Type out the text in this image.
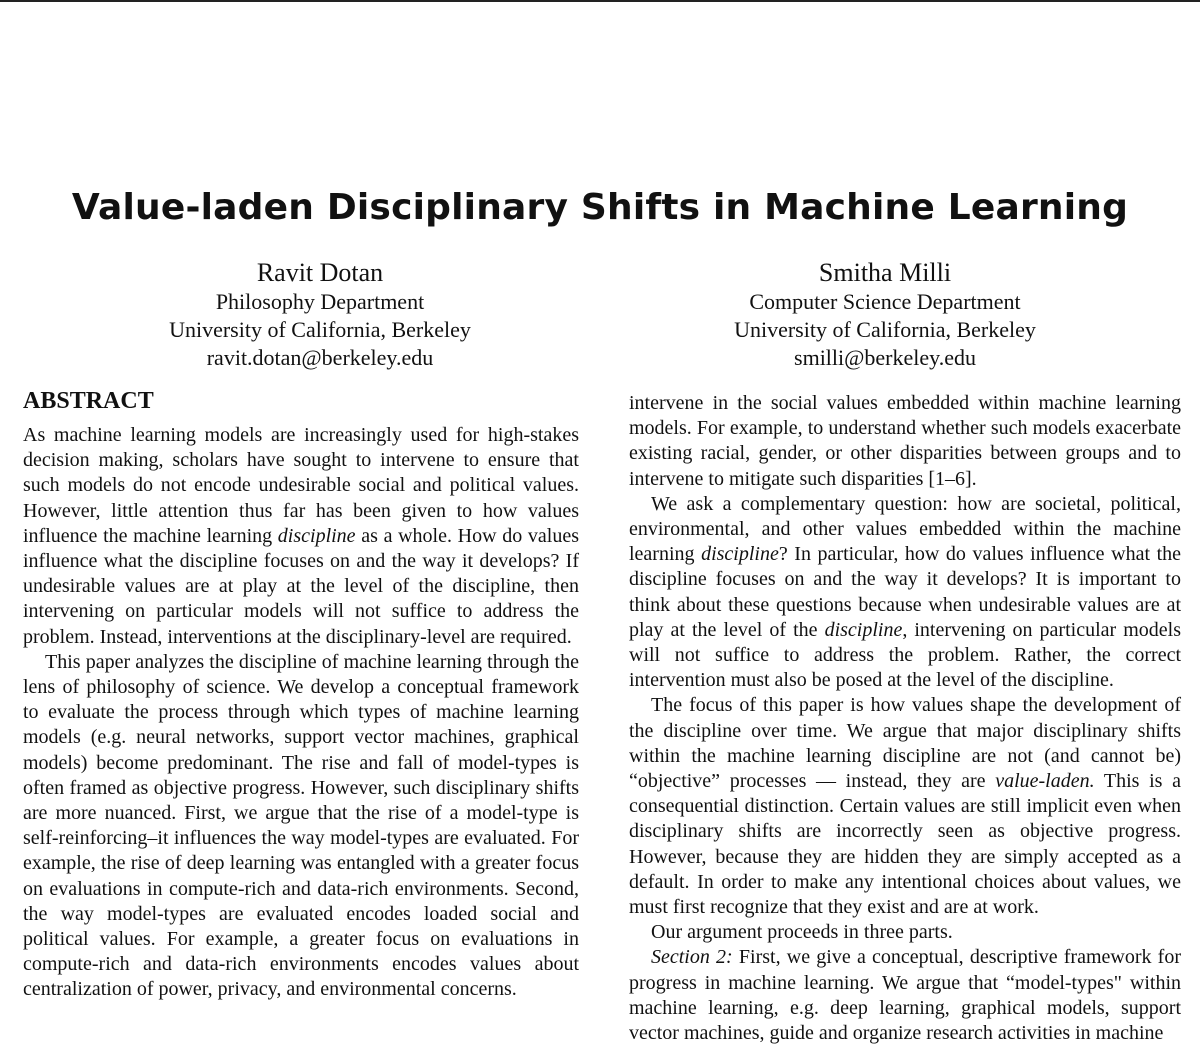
Value-laden Disciplinary Shifts in Machine Learning
Ravit Dotan
Philosophy Department
University of California, Berkeley
ravit.dotan@berkeley.edu
Smitha Milli
Computer Science Department
University of California, Berkeley
smilli@berkeley.edu
ABSTRACT

As machine learning models are increasingly used for high-stakes decision making, scholars have sought to intervene to ensure that such models do not encode undesirable social and political values. However, little attention thus far has been given to how values influence the machine learning discipline as a whole. How do values influence what the discipline focuses on and the way it develops? If undesirable values are at play at the level of the discipline, then intervening on particular models will not suffice to address the problem. Instead, interventions at the disciplinary-level are required.

This paper analyzes the discipline of machine learning through the lens of philosophy of science. We develop a conceptual framework to evaluate the process through which types of machine learning models (e.g. neural networks, support vector machines, graphical models) become predominant. The rise and fall of model-types is often framed as objective progress. However, such disciplinary shifts are more nuanced. First, we argue that the rise of a model-type is self-reinforcing–it influences the way model-types are evaluated. For example, the rise of deep learning was entangled with a greater focus on evaluations in compute-rich and data-rich environments. Second, the way model-types are evaluated encodes loaded social and political values. For example, a greater focus on evaluations in compute-rich and data-rich environments encodes values about centralization of power, privacy, and environmental concerns.

intervene in the social values embedded within machine learning models. For example, to understand whether such models exacerbate existing racial, gender, or other disparities between groups and to intervene to mitigate such disparities [1–6].

We ask a complementary question: how are societal, political, environmental, and other values embedded within the machine learning discipline? In particular, how do values influence what the discipline focuses on and the way it develops? It is important to think about these questions because when undesirable values are at play at the level of the discipline, intervening on particular models will not suffice to address the problem. Rather, the correct intervention must also be posed at the level of the discipline.

The focus of this paper is how values shape the development of the discipline over time. We argue that major disciplinary shifts within the machine learning discipline are not (and cannot be) “objective” processes — instead, they are value-laden. This is a consequential distinction. Certain values are still implicit even when disciplinary shifts are incorrectly seen as objective progress. However, because they are hidden they are simply accepted as a default. In order to make any intentional choices about values, we must first recognize that they exist and are at work.

Our argument proceeds in three parts.

Section 2: First, we give a conceptual, descriptive framework for progress in machine learning. We argue that “model-types" within machine learning, e.g. deep learning, graphical models, support vector machines, guide and organize research activities in machine
